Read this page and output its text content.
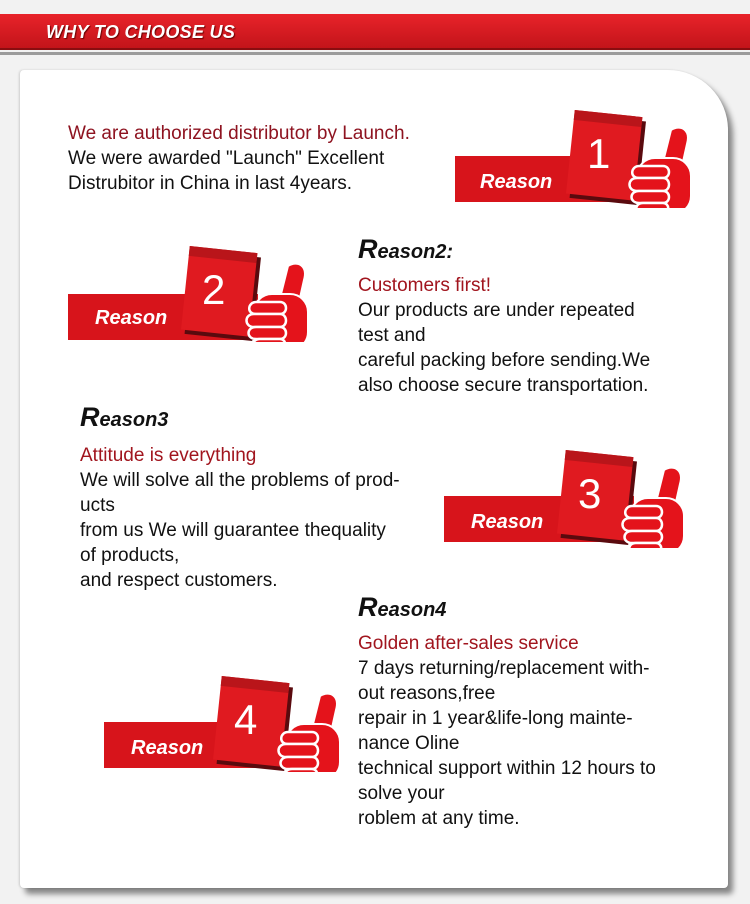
WHY TO CHOOSE US
We are authorized distributor by Launch.
We were awarded "Launch" Excellent
Distrubitor in China in last 4years.	Reason
1
Reason2:
Customers first!
Our products are under repeated
test and
careful packing before sending.We
also choose secure transportation.
Reason
2
Reason3
Attitude is everything
We will solve all the problems of prod-
ucts
from us We will guarantee thequality
of products,
and respect customers.
Reason
3
Reason4
Golden after-sales service
7 days returning/replacement with-
out reasons,free
repair in 1 year&life-long mainte-
nance Oline
technical support within 12 hours to
solve your
roblem at any time.
Reason
4
